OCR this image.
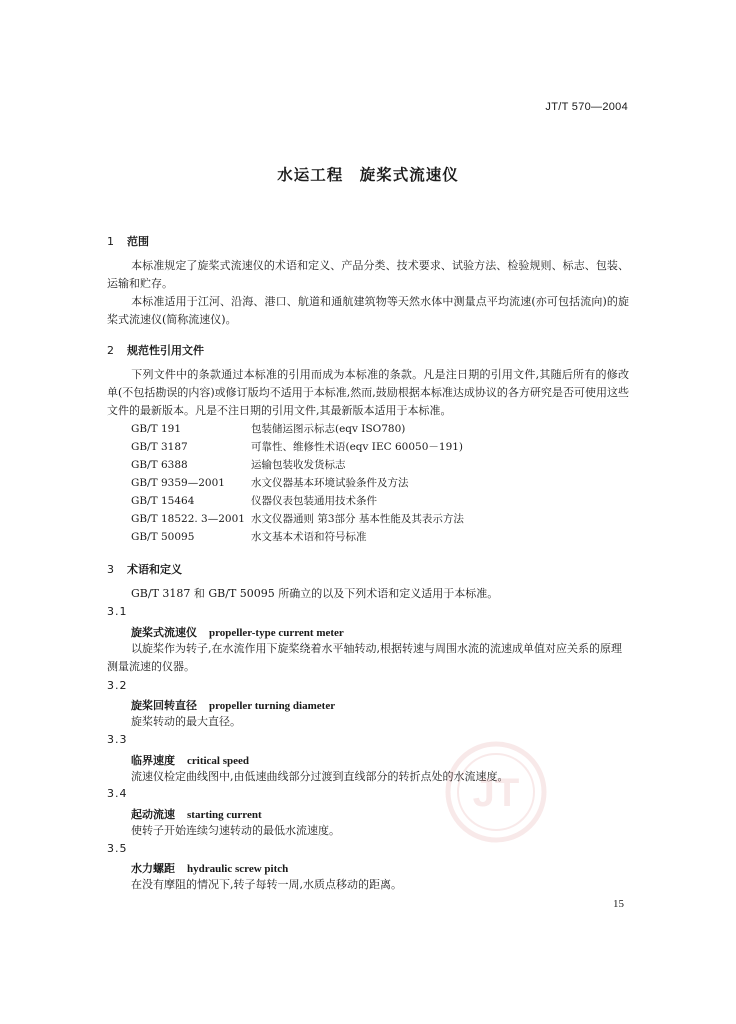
JT/T 570—2004
水运工程　旋桨式流速仪
1 范围
本标准规定了旋桨式流速仪的术语和定义、产品分类、技术要求、试验方法、检验规则、标志、包装、运输和贮存。
本标准适用于江河、沿海、港口、航道和通航建筑物等天然水体中测量点平均流速(亦可包括流向)的旋桨式流速仪(简称流速仪)。
2 规范性引用文件
下列文件中的条款通过本标准的引用而成为本标准的条款。凡是注日期的引用文件,其随后所有的修改单(不包括勘误的内容)或修订版均不适用于本标准,然而,鼓励根据本标准达成协议的各方研究是否可使用这些文件的最新版本。凡是不注日期的引用文件,其最新版本适用于本标准。
GB/T 191	包装储运图示标志(eqv ISO780)
GB/T 3187	可靠性、维修性术语(eqv IEC 60050－191)
GB/T 6388	运输包装收发货标志
GB/T 9359—2001 水文仪器基本环境试验条件及方法
GB/T 15464	仪器仪表包装通用技术条件
GB/T 18522. 3—2001 水文仪器通则 第3部分 基本性能及其表示方法
GB/T 50095	水文基本术语和符号标准
3 术语和定义
GB/T 3187 和 GB/T 50095 所确立的以及下列术语和定义适用于本标准。
3.1
旋桨式流速仪 propeller-type current meter
以旋桨作为转子,在水流作用下旋桨绕着水平轴转动,根据转速与周围水流的流速成单值对应关系的原理测量流速的仪器。
3.2
旋桨回转直径 propeller turning diameter
旋桨转动的最大直径。
3.3
临界速度 critical speed
流速仪检定曲线图中,由低速曲线部分过渡到直线部分的转折点处的水流速度。
3.4
起动流速 starting current
使转子开始连续匀速转动的最低水流速度。
3.5
水力螺距 hydraulic screw pitch
在没有摩阻的情况下,转子每转一周,水质点移动的距离。
JT
15
